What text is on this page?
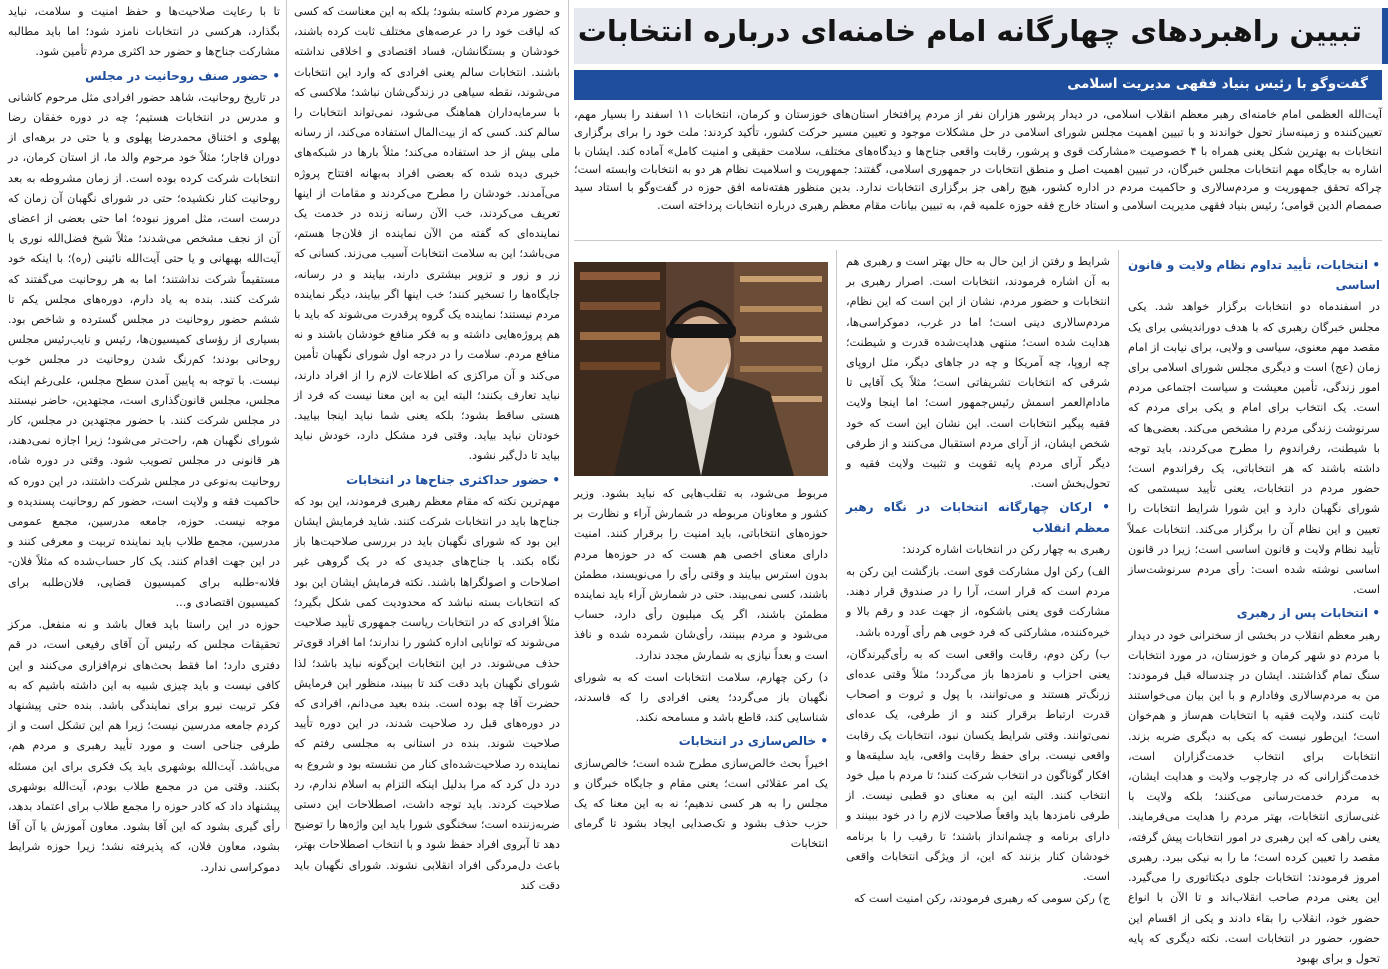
تبیین راهبردهای چهارگانه امام خامنه‌ای درباره انتخابات
گفت‌وگو با رئیس بنیاد فقهی مدیریت اسلامی
آیت‌الله العظمی امام خامنه‌ای رهبر معظم انقلاب اسلامی، در دیدار پرشور هزاران نفر از مردم پرافتخار استان‌های خوزستان و کرمان، انتخابات ۱۱ اسفند را بسیار مهم، تعیین‌کننده و زمینه‌ساز تحول خواندند و با تبیین اهمیت مجلس شورای اسلامی در حل مشکلات موجود و تعیین مسیر حرکت کشور، تأکید کردند: ملت خود را برای برگزاری انتخابات به بهترین شکل یعنی همراه با ۴ خصوصیت «مشارکت قوی و پرشور، رقابت واقعی جناح‌ها و دیدگاه‌های مختلف، سلامت حقیقی و امنیت کامل» آماده کند. ایشان با اشاره به جایگاه مهم انتخابات مجلس خبرگان، در تبیین اهمیت اصل و منطق انتخابات در جمهوری اسلامی، گفتند: جمهوریت و اسلامیت نظام هر دو به انتخابات وابسته است؛ چراکه تحقق جمهوریت و مردم‌سالاری و حاکمیت مردم در اداره کشور، هیچ راهی جز برگزاری انتخابات ندارد. بدین منظور هفته‌نامه افق حوزه در گفت‌وگو با استاد سید صمصام الدین قوامی؛ رئیس بنیاد فقهی مدیریت اسلامی و استاد خارج فقه حوزه علمیه قم، به تبیین بیانات مقام معظم رهبری درباره انتخابات پرداخته است.
• انتخابات، تأیید تداوم نظام ولایت و قانون اساسی

در اسفندماه دو انتخابات برگزار خواهد شد. یکی مجلس خبرگان رهبری که با هدف دوراندیشی برای یک مقصد مهم معنوی، سیاسی و ولایی، برای نیابت از امام زمان (عج) است و دیگری مجلس شورای اسلامی برای امور زندگی، تأمین معیشت و سیاست اجتماعی مردم است. یک انتخاب برای امام و یکی برای مردم که سرنوشت زندگی مردم را مشخص می‌کند. بعضی‌ها که با شیطنت، رفراندوم را مطرح می‌کردند، باید توجه داشته باشند که هر انتخاباتی، یک رفراندوم است؛ حضور مردم در انتخابات، یعنی تأیید سیستمی که شورای نگهبان دارد و این شورا شرایط انتخابات را تعیین و این نظام آن را برگزار می‌کند. انتخابات عملاً تأیید نظام ولایت و قانون اساسی است؛ زیرا در قانون اساسی نوشته شده است: رأی مردم سرنوشت‌ساز است.

• انتخابات پس از رهبری

رهبر معظم انقلاب در بخشی از سخنرانی خود در دیدار با مردم دو شهر کرمان و خوزستان، در مورد انتخابات سنگ تمام گذاشتند. ایشان در چندساله قبل فرمودند: من به مردم‌سالاری وفادارم و با این بیان می‌خواستند ثابت کنند، ولایت فقیه با انتخابات هم‌ساز و هم‌خوان است؛ این‌طور نیست که یکی به دیگری ضربه بزند. انتخابات برای انتخاب خدمت‌گزاران است، خدمت‌گزارانی که در چارچوب ولایت و هدایت ایشان، به مردم خدمت‌رسانی می‌کنند؛ بلکه ولایت با غنی‌سازی انتخابات، بهتر مردم را هدایت می‌فرمایند. یعنی راهی که این رهبری در امور انتخابات پیش گرفته، مقصد را تعیین کرده است؛ ما را به نیکی ببرد. رهبری امروز فرمودند: انتخابات جلوی دیکتاتوری را می‌گیرد. این یعنی مردم صاحب انقلاب‌اند و تا الآن با انواع حضور خود، انقلاب را بقاء دادند و یکی از اقسام این حضور، حضور در انتخابات است. نکته دیگری که پایه تحول و برای بهبود

شرایط و رفتن از این حال به حال بهتر است و رهبری هم به آن اشاره فرمودند، انتخابات است. اصرار رهبری بر انتخابات و حضور مردم، نشان از این است که این نظام، مردم‌سالاری دینی است؛ اما در غرب، دموکراسی‌ها، هدایت شده است؛ منتهی هدایت‌شده قدرت و شیطنت؛ چه اروپا، چه آمریکا و چه در جاهای دیگر، مثل اروپای شرقی که انتخابات تشریفاتی است؛ مثلاً یک آقایی تا مادام‌العمر اسمش رئیس‌جمهور است؛ اما اینجا ولایت فقیه پیگیر انتخابات است. این نشان این است که خود شخص ایشان، از آرای مردم استقبال می‌کنند و از طرفی دیگر آرای مردم پایه تقویت و تثبیت ولایت فقیه و تحول‌بخش است.

• ارکان چهارگانه انتخابات در نگاه رهبر معظم انقلاب

رهبری به چهار رکن در انتخابات اشاره کردند:

الف) رکن اول مشارکت قوی است. بازگشت این رکن به مردم است که قرار است، آرا را در صندوق قرار دهند. مشارکت قوی یعنی باشکوه، از جهت عدد و رقم بالا و خیره‌کننده، مشارکتی که فرد خوبی هم رأی آورده باشد.

ب) رکن دوم، رقابت واقعی است که به رأی‌گیرندگان، یعنی احزاب و نامزدها باز می‌گردد؛ مثلاً وقتی عده‌ای زرنگ‌تر هستند و می‌توانند، با پول و ثروت و اصحاب قدرت ارتباط برقرار کنند و از طرفی، یک عده‌ای نمی‌توانند. وقتی شرایط یکسان نبود، انتخابات یک رقابت واقعی نیست. برای حفظ رقابت واقعی، باید سلیقه‌ها و افکار گوناگون در انتخاب شرکت کنند؛ تا مردم با میل خود انتخاب کنند. البته این به معنای دو قطبی نیست. از طرفی نامزدها باید واقعاً صلاحیت لازم را در خود ببینند و دارای برنامه و چشم‌انداز باشند؛ تا رقیب را با برنامه خودشان کنار بزنند که این، از ویژگی انتخابات واقعی است.

ج) رکن سومی که رهبری فرمودند، رکن امنیت است که

مربوط می‌شود، به تقلب‌هایی که نباید بشود. وزیر کشور و معاونان مربوطه در شمارش آراء و نظارت بر حوزه‌های انتخاباتی، باید امنیت را برقرار کنند. امنیت دارای معنای اخصی هم هست که در حوزه‌ها مردم بدون استرس بیایند و وقتی رأی را می‌نویسند، مطمئن باشند، کسی نمی‌بیند. حتی در شمارش آراء باید نماینده مطمئن باشند، اگر یک میلیون رأی دارد، حساب می‌شود و مردم ببینند، رأی‌شان شمرده شده و نافذ است و بعداً نیازی به شمارش مجدد ندارد.

د) رکن چهارم، سلامت انتخابات است که به شورای نگهبان باز می‌گردد؛ یعنی افرادی را که فاسدند، شناسایی کند، قاطع باشد و مسامحه نکند.

• خالص‌سازی در انتخابات

اخیراً بحث خالص‌سازی مطرح شده است؛ خالص‌سازی یک امر عقلائی است؛ یعنی مقام و جایگاه خبرگان و مجلس را به هر کسی ندهیم؛ نه به این معنا که یک حزب حذف بشود و تک‌صدایی ایجاد بشود تا گرمای انتخابات

و حضور مردم کاسته بشود؛ بلکه به این معناست که کسی که لیاقت خود را در عرصه‌های مختلف ثابت کرده باشند، خودشان و بستگانشان، فساد اقتصادی و اخلاقی نداشته باشند. انتخابات سالم یعنی افرادی که وارد این انتخابات می‌شوند، نقطه سیاهی در زندگی‌شان نباشد؛ ملاکسی که با سرمایه‌داران هماهنگ می‌شود، نمی‌تواند انتخابات را سالم کند. کسی که از بیت‌المال استفاده می‌کند، از رسانه ملی بیش از حد استفاده می‌کند؛ مثلاً بارها در شبکه‌های خبری دیده شده که بعضی افراد به‌بهانه افتتاح پروژه می‌آمدند. خودشان را مطرح می‌کردند و مقامات از اینها تعریف می‌کردند، خب الآن رسانه زنده در خدمت یک نماینده‌ای که گفته من الآن نماینده از فلان‌جا هستم، می‌باشد؛ این به سلامت انتخابات آسیب می‌زند. کسانی که زر و زور و تزویر بیشتری دارند، بیایند و در رسانه، جایگاه‌ها را تسخیر کنند؛ خب اینها اگر بیایند، دیگر نماینده مردم نیستند؛ نماینده یک گروه پرقدرت می‌شوند که باید با هم پروژه‌هایی داشته و به فکر منافع خودشان باشند و نه منافع مردم. سلامت را در درجه اول شورای نگهبان تأمین می‌کند و آن مراکزی که اطلاعات لازم را از افراد دارند، نباید تعارف بکنند؛ البته این به این معنا نیست که فرد از هستی ساقط بشود؛ بلکه یعنی شما نباید اینجا بیایید. خودتان نباید بیاید. وقتی فرد مشکل دارد، خودش نباید بیاید تا دل‌گیر نشود.

• حضور حداکثری جناح‌ها در انتخابات

مهم‌ترین نکته که مقام معظم رهبری فرمودند، این بود که جناح‌ها باید در انتخابات شرکت کنند. شاید فرمایش ایشان این بود که شورای نگهبان باید در بررسی صلاحیت‌ها باز نگاه بکند. یا جناح‌های جدیدی که در یک گروهی غیر اصلاحات و اصولگراها باشند. نکته فرمایش ایشان این بود که انتخابات بسته نباشد که محدودیت کمی شکل بگیرد؛ مثلاً افرادی که در انتخابات ریاست جمهوری تأیید صلاحیت می‌شوند که توانایی اداره کشور را ندارند؛ اما افراد قوی‌تر حذف می‌شوند. در این انتخابات این‌گونه نباید باشد؛ لذا شورای نگهبان باید دقت کند تا ببیند، منظور این فرمایش حضرت آقا چه بوده است. بنده بعید می‌دانم، افرادی که در دوره‌های قبل رد صلاحیت شدند، در این دوره تأیید صلاحیت شوند. بنده در استانی به مجلسی رفتم که نماینده رد صلاحیت‌شده‌ای کنار من نشسته بود و شروع به درد دل کرد که مرا بدلیل اینکه التزام به اسلام ندارم، رد صلاحیت کردند. باید توجه داشت، اصطلاحات این دستی ضربه‌زننده است؛ سخنگوی شورا باید این واژه‌ها را توضیح دهد تا آبروی افراد حفظ شود و با انتخاب اصطلاحات بهتر، باعث دل‌مردگی افراد انقلابی نشوند. شورای نگهبان باید دقت کند

تا با رعایت صلاحیت‌ها و حفظ امنیت و سلامت، نباید بگذارد، هرکسی در انتخابات نامزد شود؛ اما باید مطالبه مشارکت جناح‌ها و حضور حد اکثری مردم تأمین شود.

• حضور صنف روحانیت در مجلس

در تاریخ روحانیت، شاهد حضور افرادی مثل مرحوم کاشانی و مدرس در انتخابات هستیم؛ چه در دوره خفقان رضا پهلوی و اختناق محمدرضا پهلوی و یا حتی در برهه‌ای از دوران قاجار؛ مثلاً خود مرحوم والد ما، از استان کرمان، در انتخابات شرکت کرده بوده است. از زمان مشروطه به بعد روحانیت کنار نکشیده؛ حتی در شورای نگهبان آن زمان که درست است، مثل امروز نبوده؛ اما حتی بعضی از اعضای آن از نجف مشخص می‌شدند؛ مثلاً شیخ فضل‌الله نوری یا آیت‌الله بهبهانی و یا حتی آیت‌الله نائینی (ره)؛ با اینکه خود مستقیماً شرکت نداشتند؛ اما به هر روحانیت می‌گفتند که شرکت کنند. بنده به یاد دارم، دوره‌های مجلس یکم تا ششم حضور روحانیت در مجلس گسترده و شاخص بود. بسیاری از رؤسای کمیسیون‌ها، رئیس و نایب‌رئیس مجلس روحانی بودند؛ کم‌رنگ شدن روحانیت در مجلس خوب نیست. با توجه به پایین آمدن سطح مجلس، علی‌رغم اینکه مجلس، مجلس قانون‌گذاری است، مجتهدین، حاضر نیستند در مجلس شرکت کنند. با حضور مجتهدین در مجلس، کار شورای نگهبان هم، راحت‌تر می‌شود؛ زیرا اجازه نمی‌دهند، هر قانونی در مجلس تصویب شود. وقتی در دوره شاه، روحانیت به‌نوعی در مجلس شرکت داشتند، در این دوره که حاکمیت فقه و ولایت است، حضور کم روحانیت پسندیده و موجه نیست. حوزه، جامعه مدرسین، مجمع عمومی مدرسین، مجمع طلاب باید نماینده تربیت و معرفی کنند و در این جهت اقدام کنند. یک کار حساب‌شده که مثلاً فلان-فلانه-طلبه برای کمیسیون قضایی، فلان‌طلبه برای کمیسیون اقتصادی و...

حوزه در این راستا باید فعال باشد و نه منفعل. مرکز تحقیقات مجلس که رئیس آن آقای رفیعی است، در قم دفتری دارد؛ اما فقط بحث‌های نرم‌افزاری می‌کنند و این کافی نیست و باید چیزی شبیه به این داشته باشیم که به فکر تربیت نیرو برای نمایندگی باشد. بنده حتی پیشنهاد کردم جامعه مدرسین نیست؛ زیرا هم این تشکل است و از طرفی جناحی است و مورد تأیید رهبری و مردم هم، می‌باشد. آیت‌الله بوشهری باید یک فکری برای این مسئله بکنند. وقتی من در مجمع طلاب بودم، آیت‌الله بوشهری پیشنهاد داد که کادر حوزه را مجمع طلاب برای اعتماد بدهد، رأی گیری بشود که این آقا بشود. معاون آموزش یا آن آقا بشود، معاون فلان، که پذیرفته نشد؛ زیرا حوزه شرایط دموکراسی ندارد.
